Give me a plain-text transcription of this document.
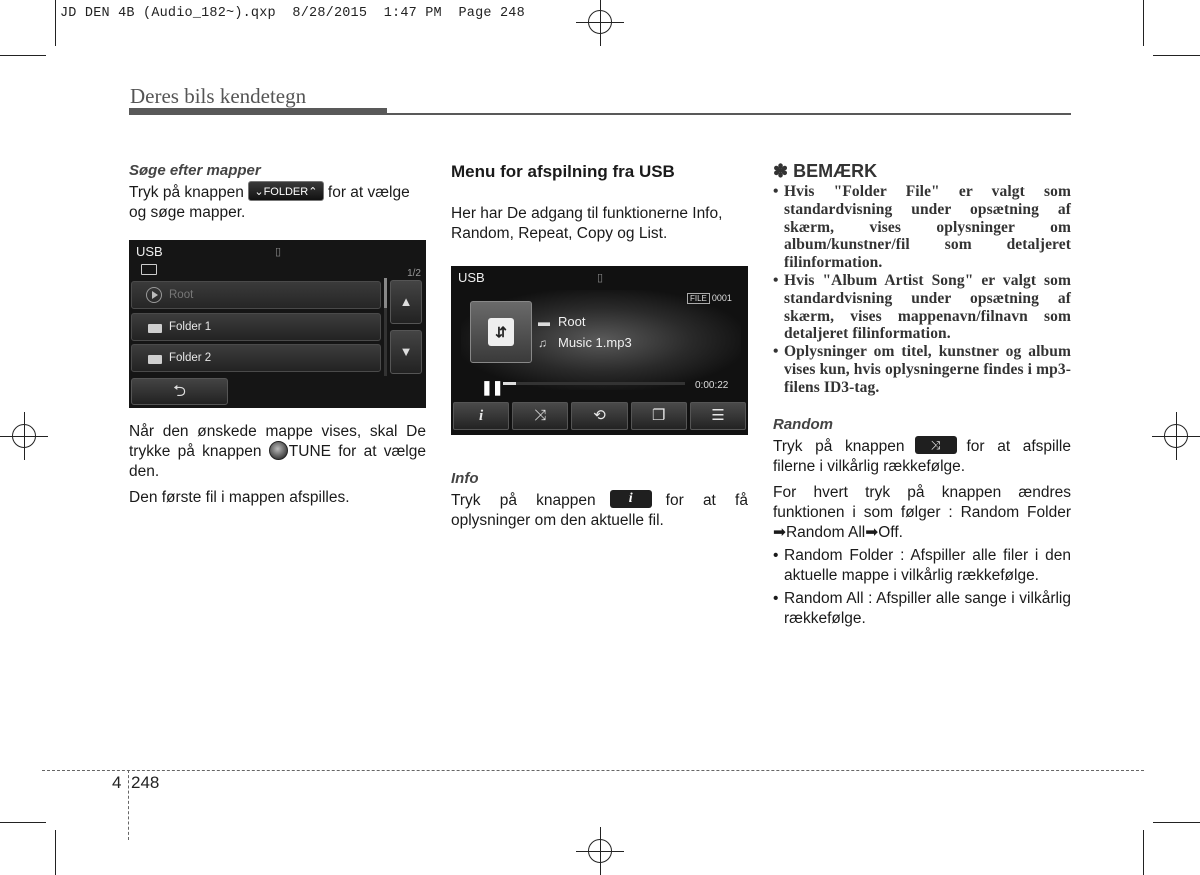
JD DEN 4B (Audio_182~).qxp  8/28/2015  1:47 PM  Page 248
Deres bils kendetegn
Søge efter mapper

Tryk på knappen ⌄FOLDER⌃ for at vælge og søge mapper.

USB	▯
1/2
Root
Folder 1
Folder 2
▲
▼
⮌

Når den ønskede mappe vises, skal De trykke på knappen TUNE for at vælge den.

Den første fil i mappen afspilles.

Menu for afspilning fra USB

Her har De adgang til funktionerne Info, Random, Repeat, Copy og List.

USB	▯
FILE 0001
⇵
▬ Root
♫ Music 1.mp3
❚❚	0:00:22
i	⤨	⟲	❐	☰
Info

Tryk på knappen i for at få oplysninger om den aktuelle fil.

✽ BEMÆRK
• Hvis "Folder File" er valgt som standardvisning under opsætning af skærm, vises oplysninger om album/kunstner/fil som detaljeret filinformation.
• Hvis "Album Artist Song" er valgt som standardvisning under opsætning af skærm, vises mappenavn/filnavn som detaljeret filinformation.
• Oplysninger om titel, kunstner og album vises kun, hvis oplysningerne findes i mp3-filens ID3-tag.
Random

Tryk på knappen ⤨ for at afspille filerne i vilkårlig rækkefølge.

For hvert tryk på knappen ændres funktionen i som følger : Random Folder ➡Random All➡Off.

• Random Folder : Afspiller alle filer i den aktuelle mappe i vilkårlig rækkefølge.
• Random All : Afspiller alle sange i vilkårlig rækkefølge.
4 248
